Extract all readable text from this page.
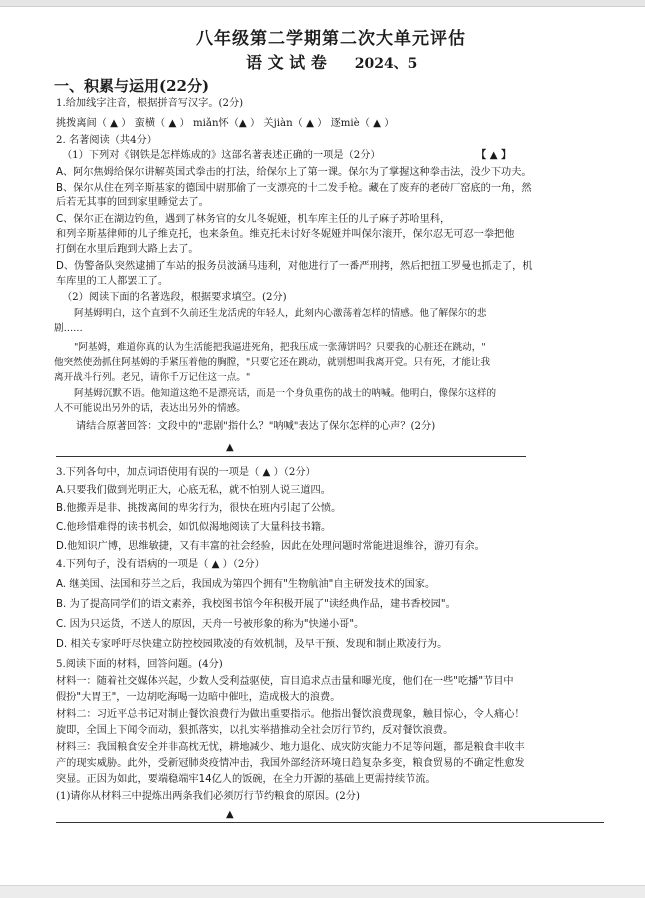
八年级第二学期第二次大单元评估
语 文 试 卷 2024、5
一、积累与运用(22分)
1.给加线字注音，根据拼音写汉字。(2分)
挑拨离间（ ▲ ） 蛮横（ ▲ ） miǎn怀（▲ ） 关jiàn（ ▲ ） 逐miè（ ▲ ）
2. 名著阅读（共4分）
（1）下列对《钢铁是怎样炼成的》这部名著表述正确的一项是（2分）	【 ▲ 】
A、阿尔焦姆给保尔讲解英国式拳击的打法，给保尔上了第一课。保尔为了掌握这种拳击法，没少下功夫。
B、保尔从住在列辛斯基家的德国中尉那偷了一支漂亮的十二发手枪。藏在了废弃的老砖厂窑底的一角，然
后若无其事的回到家里睡觉去了。
C、保尔正在湖边钓鱼，遇到了林务官的女儿冬妮娅，机车库主任的儿子麻子苏哈里科，
和列辛斯基律师的儿子维克托，也来条鱼。维克托未讨好冬妮娅并叫保尔滚开，保尔忍无可忍一拳把他
打倒在水里后跑到大路上去了。
D、伪警备队突然逮捕了车站的报务员波涵马违利，对他进行了一番严刑拷，然后把扭工罗曼也抓走了，机
车库里的工人都罢工了。
（2）阅读下面的名著选段，根据要求填空。(2分)
阿基姆明白，这个直到不久前还生龙活虎的年轻人，此刻内心激荡着怎样的情感。他了解保尔的悲
剧……
"阿基姆，难道你真的认为生活能把我逼进死角，把我压成一张薄饼吗？只要我的心脏还在跳动，"
他突然使劲抓住阿基姆的手紧压着他的胸膛，"只要它还在跳动，就别想叫我离开党。只有死，才能让我
离开战斗行列。老兄，请你千万记住这一点。"
阿基姆沉默不语。他知道这绝不是漂亮话，而是一个身负重伤的战士的呐喊。他明白，像保尔这样的
人不可能说出另外的话，表达出另外的情感。
请结合原著回答：文段中的"悲剧"指什么？"呐喊"表达了保尔怎样的心声？(2分)
▲
3.下列各句中，加点词语使用有误的一项是（ ▲ ）（2分）
A.只要我们做到光明正大，心底无私，就不怕别人说三道四。
B.他搬弄是非、挑拨离间的卑劣行为，很快在班内引起了公愤。
C.他珍惜难得的读书机会，如饥似渴地阅读了大量科技书籍。
D.他知识广博，思维敏捷，又有丰富的社会经验，因此在处理问题时常能进退维谷，游刃有余。
4.下列句子，没有语病的一项是（ ▲ ）（2分）
A. 继美国、法国和芬兰之后，我国成为第四个拥有"生物航油"自主研发技术的国家。
B. 为了提高同学们的语文素养，我校图书馆今年积极开展了"读经典作品，建书香校园"。
C. 因为只运货，不送人的原因，天舟一号被形象的称为"快递小哥"。
D. 相关专家呼吁尽快建立防控校园欺凌的有效机制，及早干预、发现和制止欺凌行为。
5.阅读下面的材料，回答问题。(4分)
材料一：随着社交媒体兴起，少数人受利益驱使，盲目追求点击量和曝光度，他们在一些"吃播"节目中
假扮"大胃王"，一边胡吃海喝一边暗中催吐，造成极大的浪费。
材料二：习近平总书记对制止餐饮浪费行为做出重要指示。他指出餐饮浪费现象，触目惊心，令人痛心！
旋即，全国上下闻令而动，狠抓落实，以扎实举措推动全社会厉行节约，反对餐饮浪费。
材料三：我国粮食安全并非高枕无忧，耕地减少、地力退化、成灾防灾能力不足等问题，都是粮食丰收丰
产的现实威胁。此外，受新冠肺炎疫情冲击，我国外部经济环境日趋复杂多变，粮食贸易的不确定性愈发
突显。正因为如此，要端稳端牢14亿人的饭碗，在全力开源的基础上更需持续节流。
(1)请你从材料三中提炼出两条我们必须厉行节约粮食的原因。(2分)
▲
